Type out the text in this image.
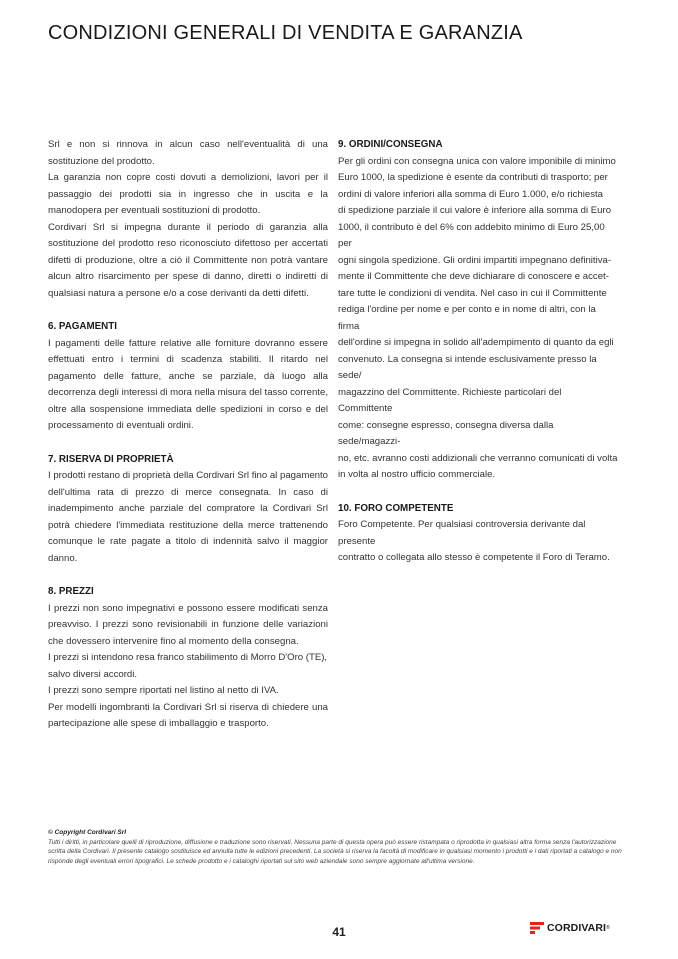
CONDIZIONI GENERALI DI VENDITA E GARANZIA

Srl e non si rinnova in alcun caso nell'eventualità di una sostituzione del prodotto.

La garanzia non copre costi dovuti a demolizioni, lavori per il passaggio dei prodotti sia in ingresso che in uscita e la manodopera per eventuali sostituzioni di prodotto.

Cordivari Srl si impegna durante il periodo di garanzia alla sostituzione del prodotto reso riconosciuto difettoso per accertati difetti di produzione, oltre a ciò il Committente non potrà vantare alcun altro risarcimento per spese di danno, diretti o indiretti di qualsiasi natura a persone e/o a cose derivanti da detti difetti.

6. PAGAMENTI

I pagamenti delle fatture relative alle forniture dovranno essere effettuati entro i termini di scadenza stabiliti. Il ritardo nel pagamento delle fatture, anche se parziale, dà luogo alla decorrenza degli interessi di mora nella misura del tasso corrente, oltre alla sospensione immediata delle spedizioni in corso e del processamento di eventuali ordini.

7. RISERVA DI PROPRIETÀ

I prodotti restano di proprietà della Cordivari Srl fino al pagamento dell'ultima rata di prezzo di merce consegnata. In caso di inadempimento anche parziale del compratore la Cordivari Srl potrà chiedere l'immediata restituzione della merce trattenendo comunque le rate pagate a titolo di indennità salvo il maggior danno.

8. PREZZI

I prezzi non sono impegnativi e possono essere modificati senza preavviso. I prezzi sono revisionabili in funzione delle variazioni che dovessero intervenire fino al momento della consegna.

I prezzi si intendono resa franco stabilimento di Morro D'Oro (TE), salvo diversi accordi.

I prezzi sono sempre riportati nel listino al netto di IVA.

Per modelli ingombranti la Cordivari Srl si riserva di chiedere una partecipazione alle spese di imballaggio e trasporto.

9. ORDINI/CONSEGNA

Per gli ordini con consegna unica con valore imponibile di minimo

Euro 1000, la spedizione è esente da contributi di trasporto; per

ordini di valore inferiori alla somma di Euro 1.000, e/o richiesta

di spedizione parziale il cui valore è inferiore alla somma di Euro

1000, il contributo è del 6% con addebito minimo di Euro 25,00 per

ogni singola spedizione. Gli ordini impartiti impegnano definitiva-

mente il Committente che deve dichiarare di conoscere e accet-

tare tutte le condizioni di vendita. Nel caso in cui il Committente

rediga l'ordine per nome e per conto e in nome di altri, con la firma

dell'ordine si impegna in solido all'adempimento di quanto da egli

convenuto. La consegna si intende esclusivamente presso la sede/

magazzino del Committente. Richieste particolari del Committente

come: consegne espresso, consegna diversa dalla sede/magazzi-

no, etc. avranno costi addizionali che verranno comunicati di volta

in volta al nostro ufficio commerciale.

10. FORO COMPETENTE

Foro Competente. Per qualsiasi controversia derivante dal presente

contratto o collegata allo stesso è competente il Foro di Teramo.

© Copyright Cordivari Srl
Tutti i diritti, in particolare quelli di riproduzione, diffusione e traduzione sono riservati. Nessuna parte di questa opera può essere ristampata o riprodotta in qualsiasi altra forma senza l'autorizzazione scritta della Cordivari. Il presente catalogo sostituisce ed annulla tutte le edizioni precedenti. La società si riserva la facoltà di modificare in qualsiasi momento i prodotti e i dati riportati a catalogo e non risponde degli eventuali errori tipografici. Le schede prodotto e i cataloghi riportati sul sito web aziendale sono sempre aggiornate all'ultima versione.
41	CORDIVARI ®
